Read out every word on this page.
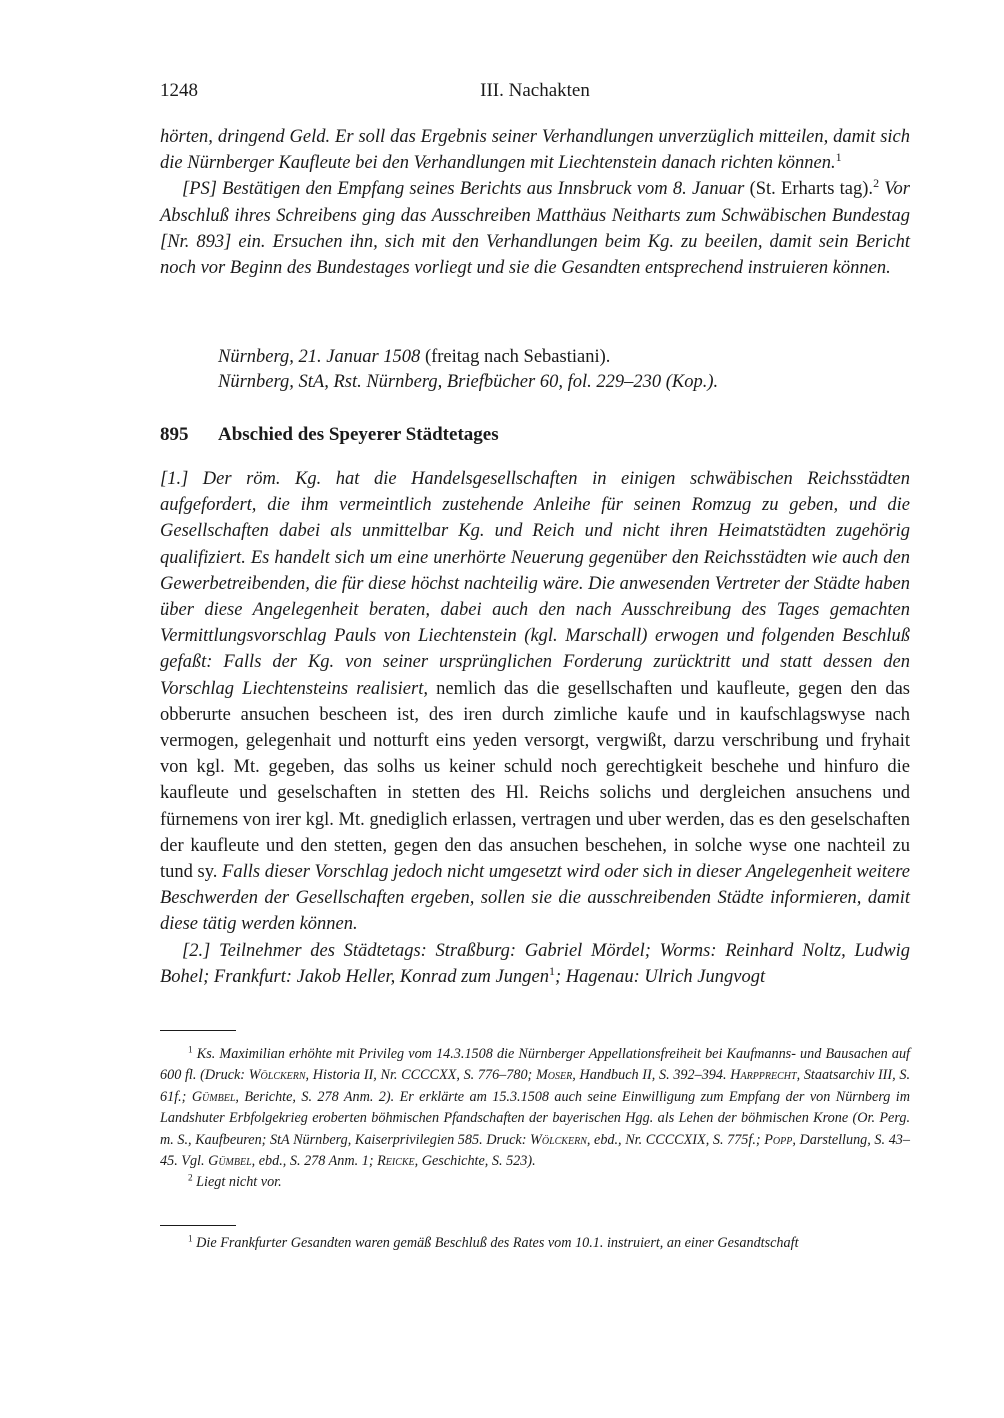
1248	III. Nachakten

hörten, dringend Geld. Er soll das Ergebnis seiner Verhandlungen unverzüglich mitteilen, damit sich die Nürnberger Kaufleute bei den Verhandlungen mit Liechtenstein danach richten können.$^1$

[PS] Bestätigen den Empfang seines Berichts aus Innsbruck vom 8. Januar (St. Erharts tag).$^2$ Vor Abschluß ihres Schreibens ging das Ausschreiben Matthäus Neitharts zum Schwäbischen Bundestag [Nr. 893] ein. Ersuchen ihn, sich mit den Verhandlungen beim Kg. zu beeilen, damit sein Bericht noch vor Beginn des Bundestages vorliegt und sie die Gesandten entsprechend instruieren können.

Nürnberg, 21. Januar 1508 (freitag nach Sebastiani).
Nürnberg, StA, Rst. Nürnberg, Briefbücher 60, fol. 229–230 (Kop.).
895 Abschied des Speyerer Städtetages

[1.] Der röm. Kg. hat die Handelsgesellschaften in einigen schwäbischen Reichsstädten aufgefordert, die ihm vermeintlich zustehende Anleihe für seinen Romzug zu geben, und die Gesellschaften dabei als unmittelbar Kg. und Reich und nicht ihren Heimatstädten zugehörig qualifiziert. Es handelt sich um eine unerhörte Neuerung gegenüber den Reichsstädten wie auch den Gewerbetreibenden, die für diese höchst nachteilig wäre. Die anwesenden Vertreter der Städte haben über diese Angelegenheit beraten, dabei auch den nach Ausschreibung des Tages gemachten Vermittlungsvorschlag Pauls von Liechtenstein (kgl. Marschall) erwogen und folgenden Beschluß gefaßt: Falls der Kg. von seiner ursprünglichen Forderung zurücktritt und statt dessen den Vorschlag Liechtensteins realisiert, nemlich das die gesellschaften und kaufleute, gegen den das obberurte ansuchen bescheen ist, des iren durch zimliche kaufe und in kaufschlagswyse nach vermogen, gelegenhait und notturft eins yeden versorgt, vergwißt, darzu verschribung und fryhait von kgl. Mt. gegeben, das solhs us keiner schuld noch gerechtigkeit beschehe und hinfuro die kaufleute und geselschaften in stetten des Hl. Reichs solichs und dergleichen ansuchens und fürnemens von irer kgl. Mt. gnediglich erlassen, vertragen und uber werden, das es den geselschaften der kaufleute und den stetten, gegen den das ansuchen beschehen, in solche wyse one nachteil zu tund sy. Falls dieser Vorschlag jedoch nicht umgesetzt wird oder sich in dieser Angelegenheit weitere Beschwerden der Gesellschaften ergeben, sollen sie die ausschreibenden Städte informieren, damit diese tätig werden können.

[2.] Teilnehmer des Städtetags: Straßburg: Gabriel Mördel; Worms: Reinhard Noltz, Ludwig Bohel; Frankfurt: Jakob Heller, Konrad zum Jungen$^1$; Hagenau: Ulrich Jungvogt

$^1$ Ks. Maximilian erhöhte mit Privileg vom 14.3.1508 die Nürnberger Appellationsfreiheit bei Kaufmanns- und Bausachen auf 600 fl. (Druck: Wölckern, Historia II, Nr. CCCCXX, S. 776–780; Moser, Handbuch II, S. 392–394. Harpprecht, Staatsarchiv III, S. 61f.; Gümbel, Berichte, S. 278 Anm. 2). Er erklärte am 15.3.1508 auch seine Einwilligung zum Empfang der von Nürnberg im Landshuter Erbfolgekrieg eroberten böhmischen Pfandschaften der bayerischen Hgg. als Lehen der böhmischen Krone (Or. Perg. m. S., Kaufbeuren; StA Nürnberg, Kaiserprivilegien 585. Druck: Wölckern, ebd., Nr. CCCCXIX, S. 775f.; Popp, Darstellung, S. 43–45. Vgl. Gümbel, ebd., S. 278 Anm. 1; Reicke, Geschichte, S. 523).

$^2$ Liegt nicht vor.

$^1$ Die Frankfurter Gesandten waren gemäß Beschluß des Rates vom 10.1. instruiert, an einer Gesandtschaft
